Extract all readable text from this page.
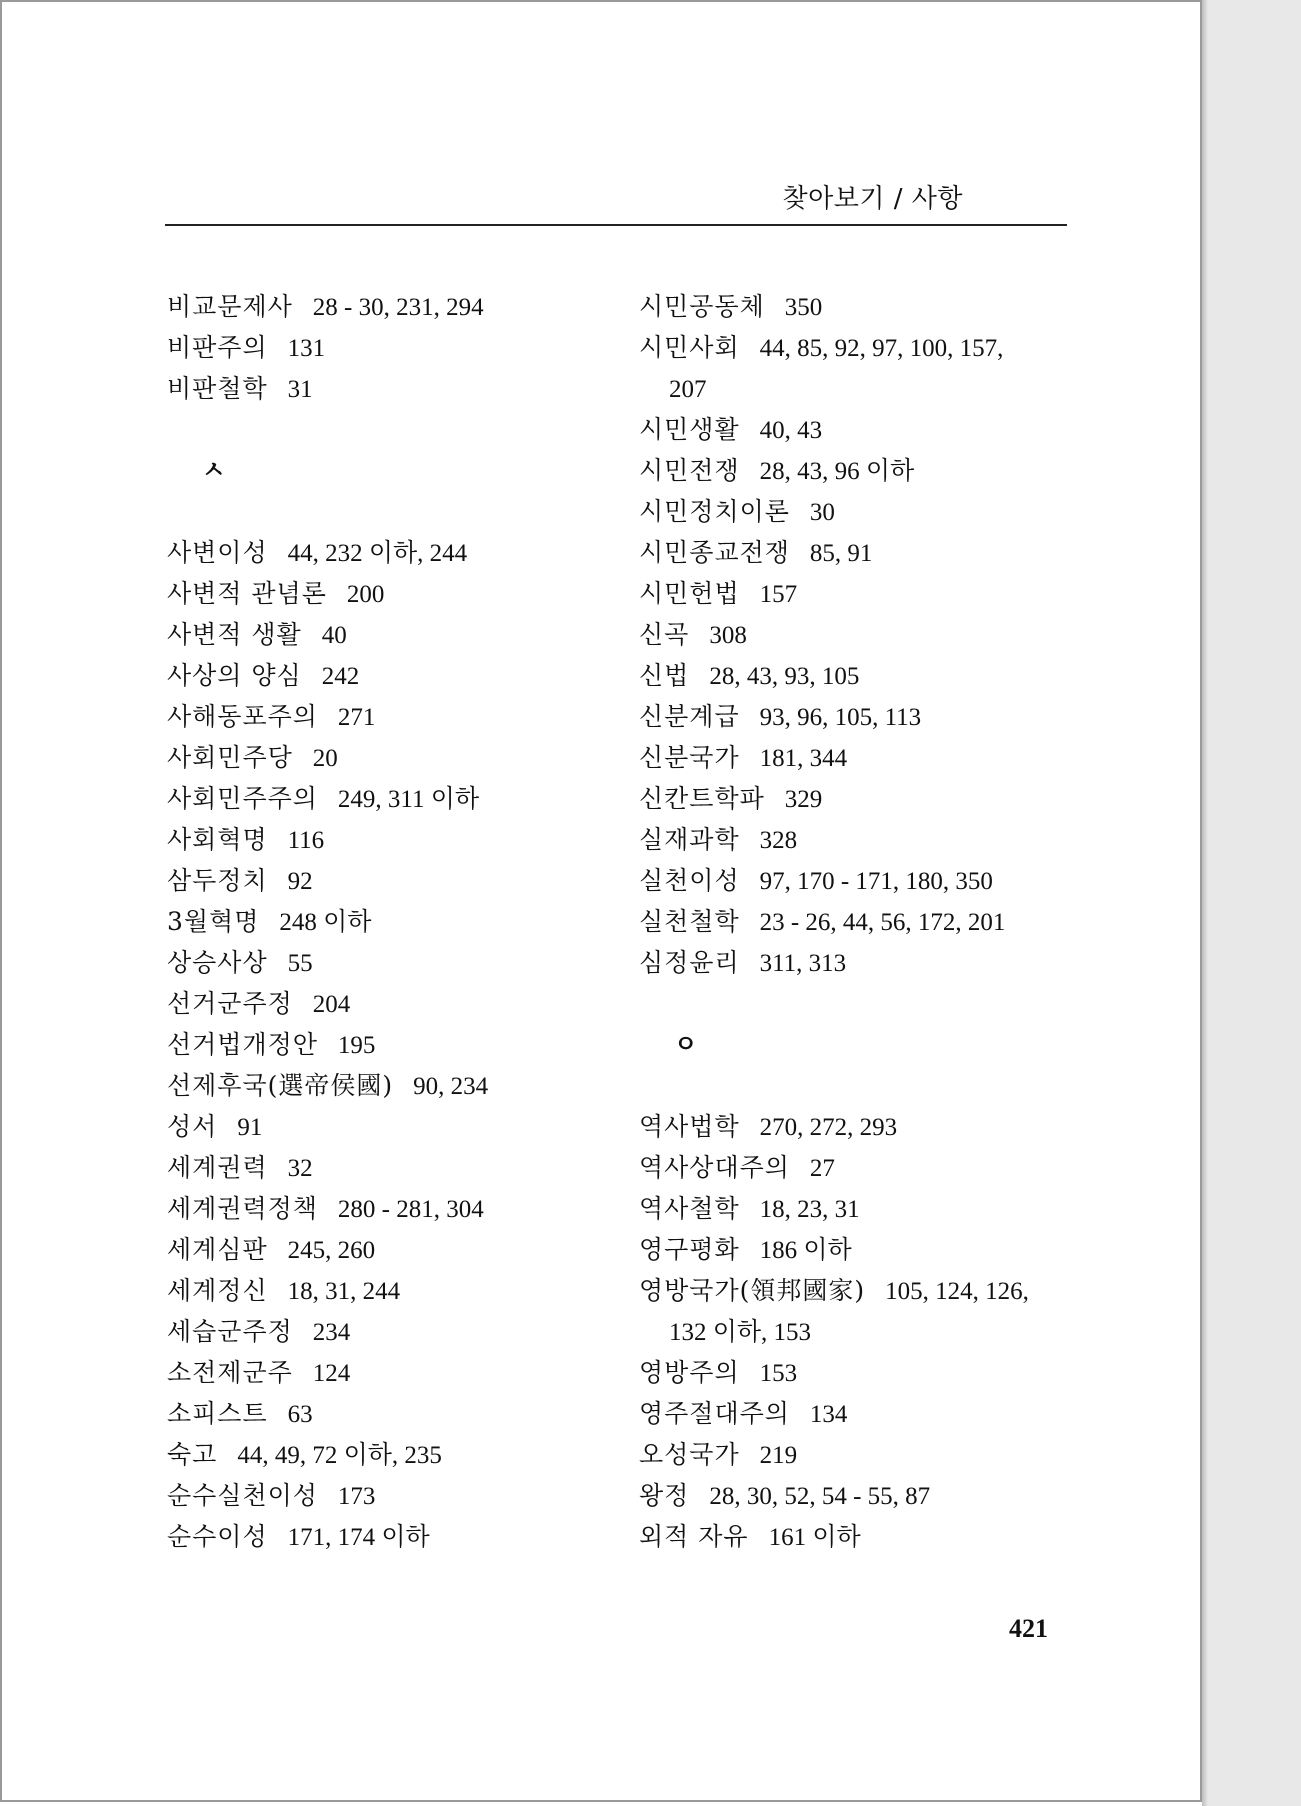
찾아보기 / 사항
비교문제사 28 - 30, 231, 294
비판주의 131
비판철학 31
ㅅ
사변이성 44, 232 이하, 244
사변적 관념론 200
사변적 생활 40
사상의 양심 242
사해동포주의 271
사회민주당 20
사회민주주의 249, 311 이하
사회혁명 116
삼두정치 92
3월혁명 248 이하
상승사상 55
선거군주정 204
선거법개정안 195
선제후국(選帝侯國) 90, 234
성서 91
세계권력 32
세계권력정책 280 - 281, 304
세계심판 245, 260
세계정신 18, 31, 244
세습군주정 234
소전제군주 124
소피스트 63
숙고 44, 49, 72 이하, 235
순수실천이성 173
순수이성 171, 174 이하
시민공동체 350
시민사회 44, 85, 92, 97, 100, 157,
207
시민생활 40, 43
시민전쟁 28, 43, 96 이하
시민정치이론 30
시민종교전쟁 85, 91
시민헌법 157
신곡 308
신법 28, 43, 93, 105
신분계급 93, 96, 105, 113
신분국가 181, 344
신칸트학파 329
실재과학 328
실천이성 97, 170 - 171, 180, 350
실천철학 23 - 26, 44, 56, 172, 201
심정윤리 311, 313
ㅇ
역사법학 270, 272, 293
역사상대주의 27
역사철학 18, 23, 31
영구평화 186 이하
영방국가(領邦國家) 105, 124, 126,
132 이하, 153
영방주의 153
영주절대주의 134
오성국가 219
왕정 28, 30, 52, 54 - 55, 87
외적 자유 161 이하
421
